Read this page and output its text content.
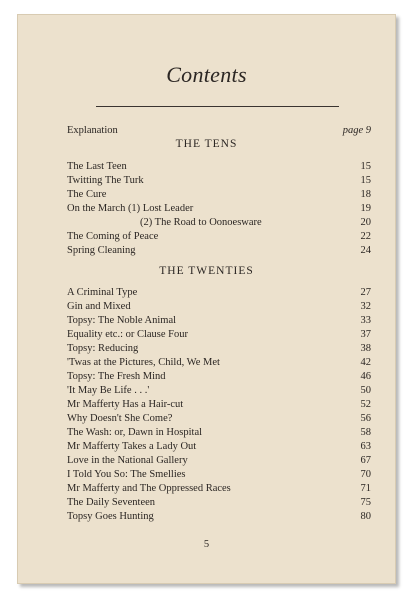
Contents
Explanation	page 9
THE TENS
The Last Teen	15
Twitting The Turk	15
The Cure	18
On the March (1) Lost Leader	19
(2) The Road to Oonoesware	20
The Coming of Peace	22
Spring Cleaning	24
THE TWENTIES
A Criminal Type	27
Gin and Mixed	32
Topsy: The Noble Animal	33
Equality etc.: or Clause Four	37
Topsy: Reducing	38
'Twas at the Pictures, Child, We Met	42
Topsy: The Fresh Mind	46
'It May Be Life . . .'	50
Mr Mafferty Has a Hair-cut	52
Why Doesn't She Come?	56
The Wash: or, Dawn in Hospital	58
Mr Mafferty Takes a Lady Out	63
Love in the National Gallery	67
I Told You So: The Smellies	70
Mr Mafferty and The Oppressed Races	71
The Daily Seventeen	75
Topsy Goes Hunting	80
5
